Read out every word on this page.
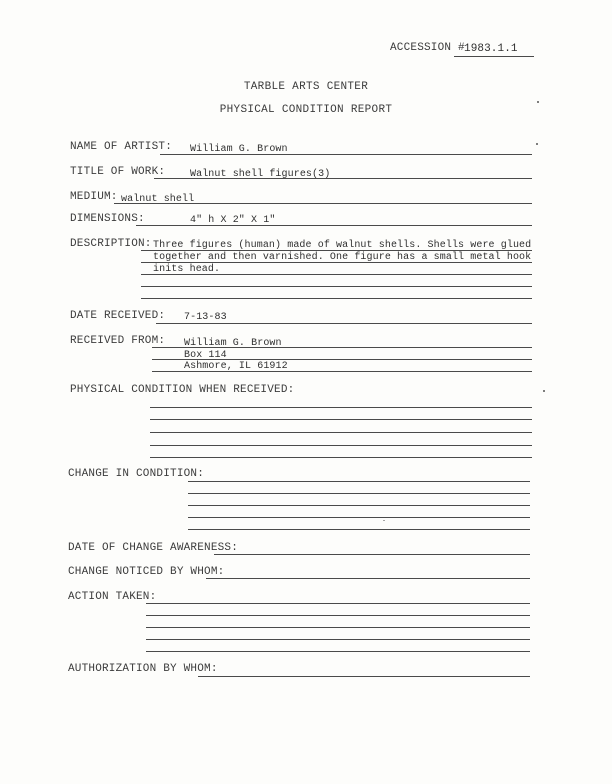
ACCESSION # 1983.1.1
TARBLE ARTS CENTER
PHYSICAL CONDITION REPORT
NAME OF ARTIST: William G. Brown
TITLE OF WORK: Walnut shell figures(3)
MEDIUM: walnut shell
DIMENSIONS:	4" h X 2" X 1"
DESCRIPTION: Three figures (human) made of walnut shells. Shells were glued
together and then varnished. One figure has a small metal hook
inits head.
DATE RECEIVED: 7-13-83
RECEIVED FROM: William G. Brown
Box 114
Ashmore, IL 61912
PHYSICAL CONDITION WHEN RECEIVED:
CHANGE IN CONDITION:
DATE OF CHANGE AWARENESS:
CHANGE NOTICED BY WHOM:
ACTION TAKEN:
AUTHORIZATION BY WHOM:
